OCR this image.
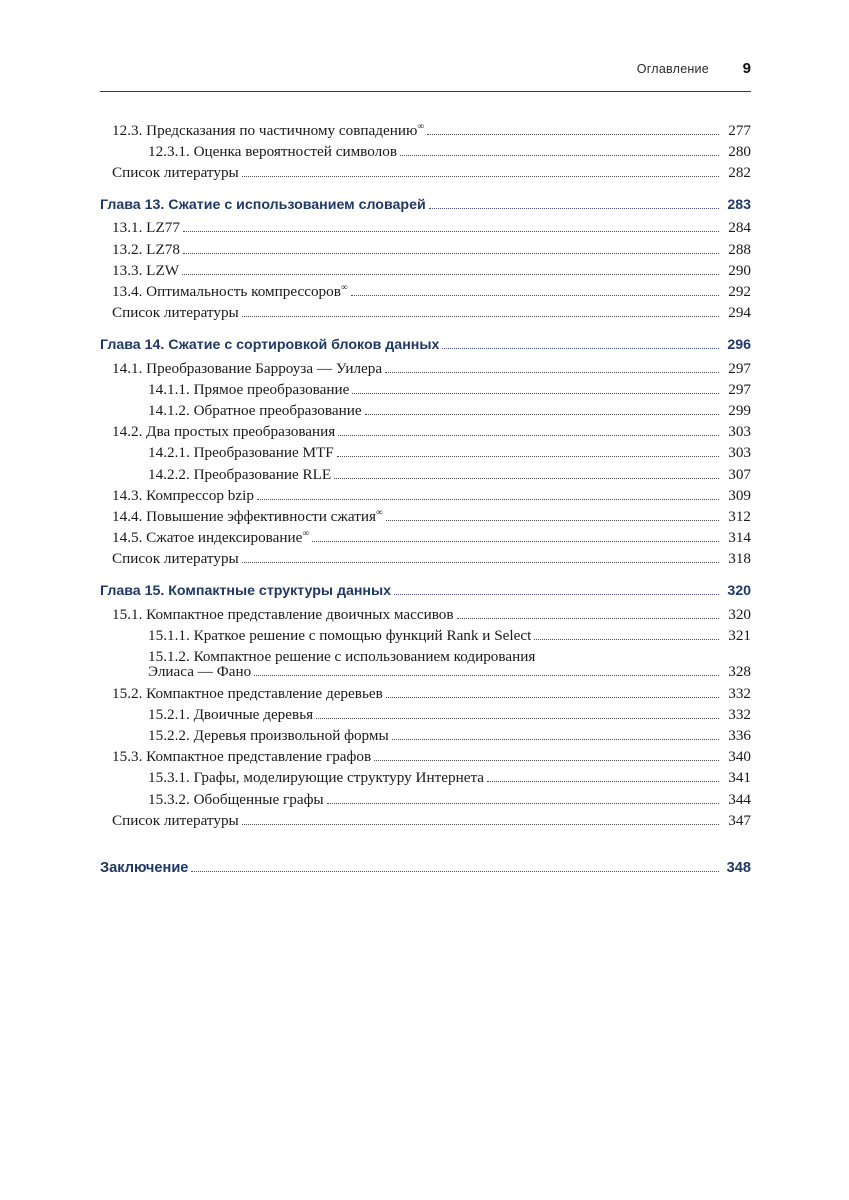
Оглавление	9
12.3. Предсказания по частичному совпадению∞	277
12.3.1. Оценка вероятностей символов	280
Список литературы	282
Глава 13. Сжатие с использованием словарей	283
13.1. LZ77	284
13.2. LZ78	288
13.3. LZW	290
13.4. Оптимальность компрессоров∞	292
Список литературы	294
Глава 14. Сжатие с сортировкой блоков данных	296
14.1. Преобразование Барроуза — Уилера	297
14.1.1. Прямое преобразование	297
14.1.2. Обратное преобразование	299
14.2. Два простых преобразования	303
14.2.1. Преобразование MTF	303
14.2.2. Преобразование RLE	307
14.3. Компрессор bzip	309
14.4. Повышение эффективности сжатия∞	312
14.5. Сжатое индексирование∞	314
Список литературы	318
Глава 15. Компактные структуры данных	320
15.1. Компактное представление двоичных массивов	320
15.1.1. Краткое решение с помощью функций Rank и Select	321
15.1.2. Компактное решение с использованием кодирования
Элиаса — Фано	328
15.2. Компактное представление деревьев	332
15.2.1. Двоичные деревья	332
15.2.2. Деревья произвольной формы	336
15.3. Компактное представление графов	340
15.3.1. Графы, моделирующие структуру Интернета	341
15.3.2. Обобщенные графы	344
Список литературы	347
Заключение	348
